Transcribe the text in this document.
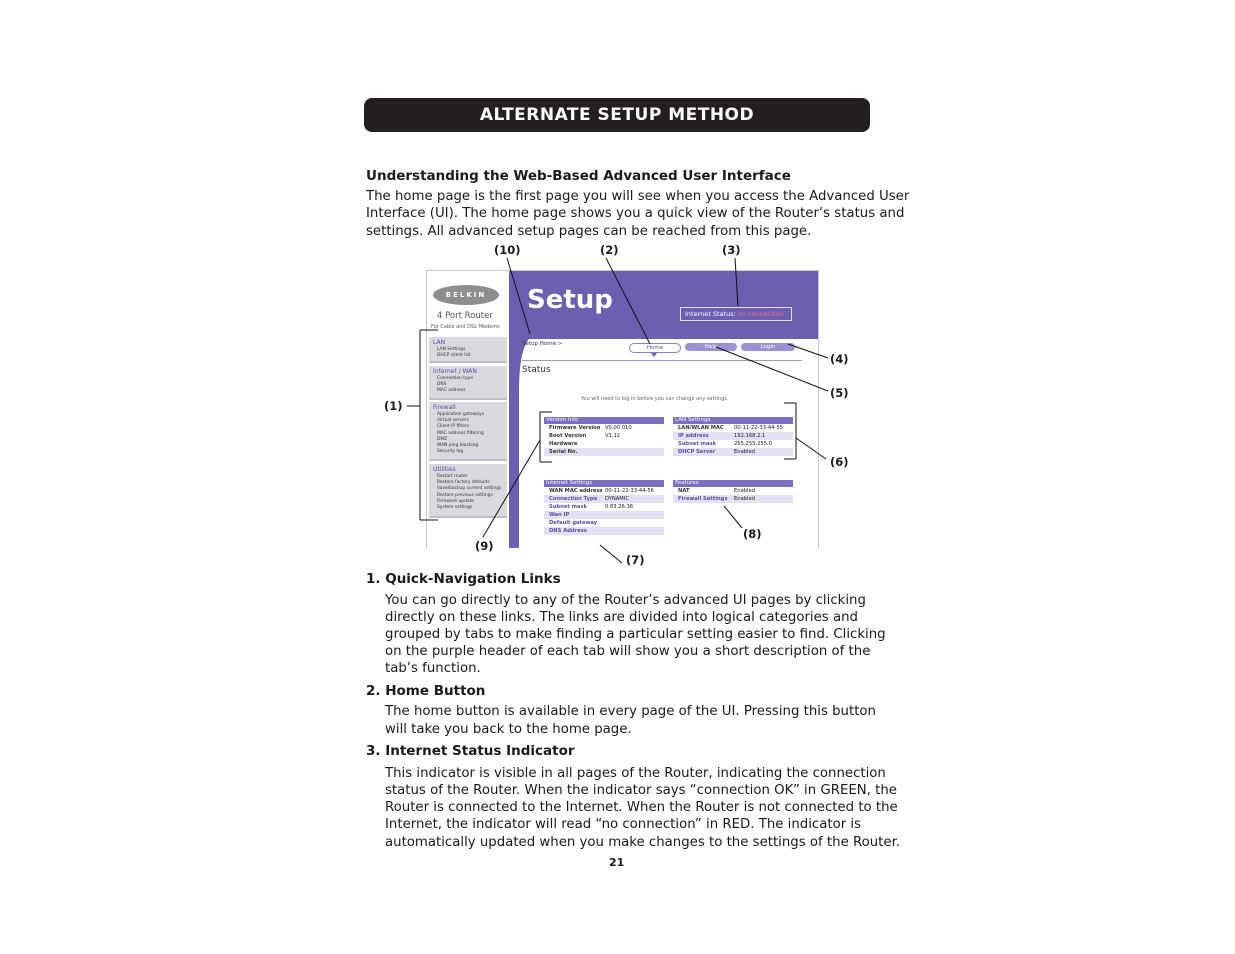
ALTERNATE SETUP METHOD
Understanding the Web-Based Advanced User Interface
The home page is the first page you will see when you access the Advanced User
Interface (UI). The home page shows you a quick view of the Router’s status and
settings. All advanced setup pages can be reached from this page.
BELKIN
4 Port Router
For Cable and DSL Modems
LAN
LAN Settings
DHCP client list
Internet / WAN
Connection type
DNS
MAC address
Firewall
Application gateways
Virtual servers
Client IP filters
MAC address filtering
DMZ
WAN ping blocking
Security log
Utilities
Restart router
Restore factory defaults
Save/backup current settings
Restore previous settings
Firmware update
System settings
Setup	Internet Status: no connection
Setup Home >
Home	Help	Login
Status
You will need to log in before you can change any settings.
Version Info
Firmware Version V0.00.010
Boot Version	V1.12
Hardware
Serial No.
LAN Settings
LAN/WLAN MAC	00-11-22-33-44-55
IP address	192.168.2.1
Subnet mask	255.255.255.0
DHCP Server	Enabled
Internet Settings
WAN MAC address 00-11-22-33-44-56
Connection Type	DYNAMIC
Subnet mask	0.83.26.36
Wan IP
Default gateway
DNS Address
Features
NAT	Enabled
Firewall Settings	Enabled
(10)	(2)	(3)
(4)
(5)
(1)
(6)
(9)
(8)
(7)
1. Quick-Navigation Links
You can go directly to any of the Router’s advanced UI pages by clicking
directly on these links. The links are divided into logical categories and
grouped by tabs to make finding a particular setting easier to find. Clicking
on the purple header of each tab will show you a short description of the
tab’s function.
2. Home Button
The home button is available in every page of the UI. Pressing this button
will take you back to the home page.
3. Internet Status Indicator
This indicator is visible in all pages of the Router, indicating the connection
status of the Router. When the indicator says “connection OK” in GREEN, the
Router is connected to the Internet. When the Router is not connected to the
Internet, the indicator will read “no connection” in RED. The indicator is
automatically updated when you make changes to the settings of the Router.
21
